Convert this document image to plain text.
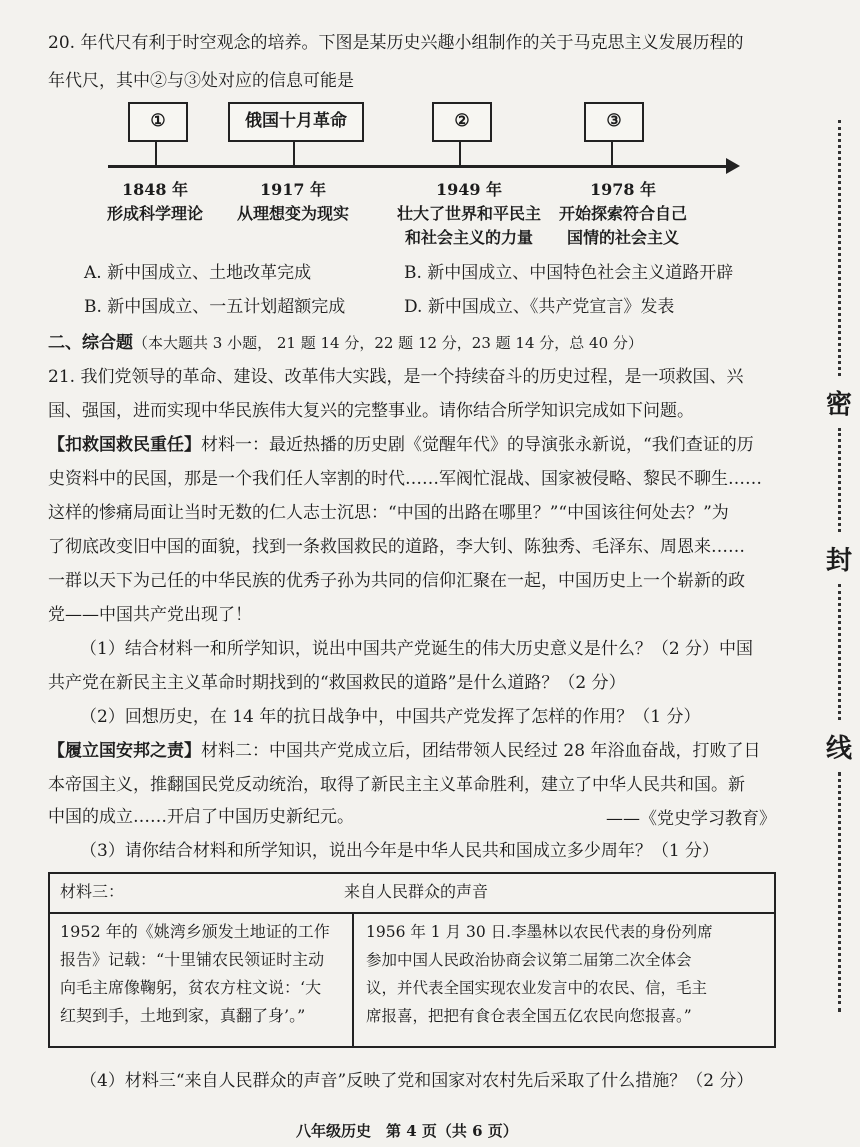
20. 年代尺有利于时空观念的培养。下图是某历史兴趣小组制作的关于马克思主义发展历程的
年代尺，其中②与③处对应的信息可能是
①	俄国十月革命	②	③
1848 年
形成科学理论
1917 年
从理想变为现实
1949 年
壮大了世界和平民主
和社会主义的力量
1978 年
开始探索符合自己
国情的社会主义
A. 新中国成立、土地改革完成	B. 新中国成立、中国特色社会主义道路开辟
B. 新中国成立、一五计划超额完成	D. 新中国成立、《共产党宣言》发表
二、综合题（本大题共 3 小题， 21 题 14 分，22 题 12 分，23 题 14 分，总 40 分）
21. 我们党领导的革命、建设、改革伟大实践，是一个持续奋斗的历史过程，是一项救国、兴
国、强国，进而实现中华民族伟大复兴的完整事业。请你结合所学知识完成如下问题。
【扣救国救民重任】材料一：最近热播的历史剧《觉醒年代》的导演张永新说，“我们查证的历
史资料中的民国，那是一个我们任人宰割的时代……军阀忙混战、国家被侵略、黎民不聊生……
这样的惨痛局面让当时无数的仁人志士沉思：“中国的出路在哪里？”“中国该往何处去？”为
了彻底改变旧中国的面貌，找到一条救国救民的道路，李大钊、陈独秀、毛泽东、周恩来……
一群以天下为己任的中华民族的优秀子孙为共同的信仰汇聚在一起，中国历史上一个崭新的政
党——中国共产党出现了！
（1）结合材料一和所学知识，说出中国共产党诞生的伟大历史意义是什么？（2 分）中国
共产党在新民主主义革命时期找到的“救国救民的道路”是什么道路？（2 分）
（2）回想历史，在 14 年的抗日战争中，中国共产党发挥了怎样的作用？（1 分）
【履立国安邦之责】材料二：中国共产党成立后，团结带领人民经过 28 年浴血奋战，打败了日
本帝国主义，推翻国民党反动统治，取得了新民主主义革命胜利，建立了中华人民共和国。新
中国的成立……开启了中国历史新纪元。	——《党史学习教育》
（3）请你结合材料和所学知识，说出今年是中华人民共和国成立多少周年？（1 分）
材料三：	来自人民群众的声音
1952 年的《姚湾乡颁发土地证的工作
报告》记载：“十里铺农民领证时主动
向毛主席像鞠躬，贫农方柱文说：‘大
红契到手，土地到家，真翻了身’。”
1956 年 1 月 30 日.李墨林以农民代表的身份列席
参加中国人民政治协商会议第二届第二次全体会
议，并代表全国实现农业发言中的农民、信，毛主
席报喜，把把有食仓表全国五亿农民向您报喜。”
（4）材料三“来自人民群众的声音”反映了党和国家对农村先后采取了什么措施？（2 分）
密
封
线
八年级历史　第 4 页（共 6 页）
